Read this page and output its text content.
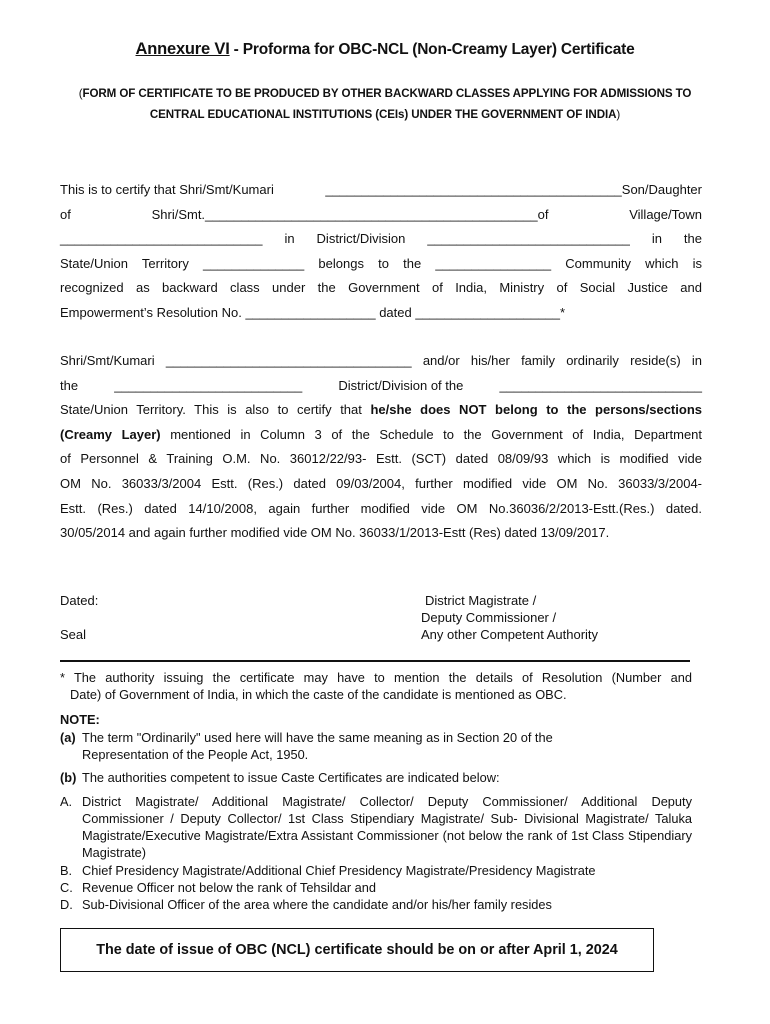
Annexure VI - Proforma for OBC-NCL (Non-Creamy Layer) Certificate
(FORM OF CERTIFICATE TO BE PRODUCED BY OTHER BACKWARD CLASSES APPLYING FOR ADMISSIONS TO CENTRAL EDUCATIONAL INSTITUTIONS (CEIs) UNDER THE GOVERNMENT OF INDIA)
This is to certify that Shri/Smt/Kumari	_________________________________________Son/Daughter
of	Shri/Smt.______________________________________________of	Village/Town
____________________________ in District/Division ____________________________ in the
State/Union Territory ______________ belongs to the ________________ Community which is
recognized as backward class under the Government of India, Ministry of Social Justice and
Empowerment’s Resolution No. __________________ dated ____________________*
Shri/Smt/Kumari __________________________________ and/or his/her family ordinarily reside(s) in
the	__________________________	District/Division of the	____________________________
State/Union Territory. This is also to certify that he/she does NOT belong to the persons/sections
(Creamy Layer) mentioned in Column 3 of the Schedule to the Government of India, Department
of Personnel & Training O.M. No. 36012/22/93- Estt. (SCT) dated 08/09/93 which is modified vide
OM No. 36033/3/2004 Estt. (Res.) dated 09/03/2004, further modified vide OM No. 36033/3/2004-
Estt. (Res.) dated 14/10/2008, again further modified vide OM No.36036/2/2013-Estt.(Res.) dated.
30/05/2014 and again further modified vide OM No. 36033/1/2013-Estt (Res) dated 13/09/2017.
Dated:
Seal
District Magistrate /
Deputy Commissioner /
Any other Competent Authority
* The authority issuing the certificate may have to mention the details of Resolution (Number and
Date) of Government of India, in which the caste of the candidate is mentioned as OBC.
NOTE:
(a) The term "Ordinarily" used here will have the same meaning as in Section 20 of the
Representation of the People Act, 1950.
(b) The authorities competent to issue Caste Certificates are indicated below:
A. District Magistrate/ Additional Magistrate/ Collector/ Deputy Commissioner/ Additional Deputy Commissioner / Deputy Collector/ 1st Class Stipendiary Magistrate/ Sub- Divisional Magistrate/ Taluka Magistrate/Executive Magistrate/Extra Assistant Commissioner (not below the rank of 1st Class Stipendiary Magistrate)
B. Chief Presidency Magistrate/Additional Chief Presidency Magistrate/Presidency Magistrate
C. Revenue Officer not below the rank of Tehsildar and
D. Sub-Divisional Officer of the area where the candidate and/or his/her family resides
The date of issue of OBC (NCL) certificate should be on or after April 1, 2024
